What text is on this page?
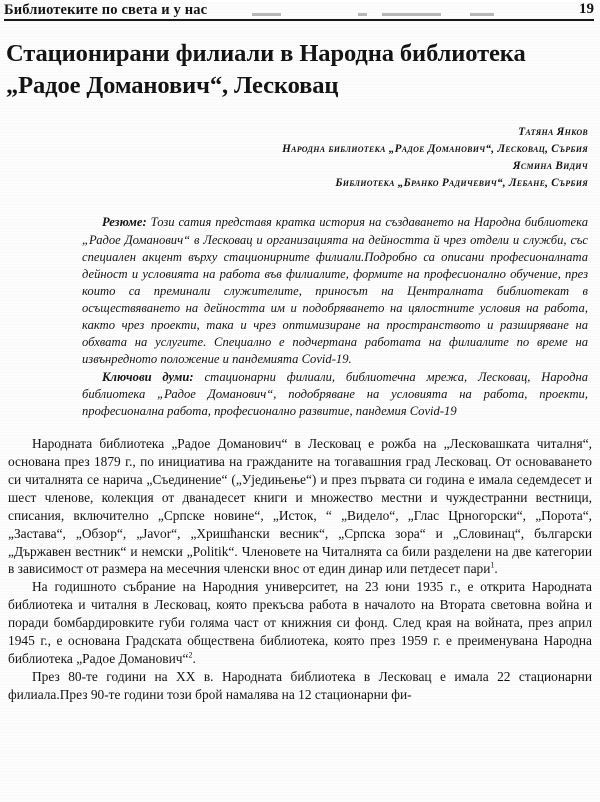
Библиотеките по света и у нас	19
Стационирани филиали в Народна библиотека
„Радое Доманович“, Лесковац
Татяна Янков
Народна библиотека „Радое Доманович“, Лесковац, Сърбия
Ясмина Видич
Библиотека „Бранко Радичевич“, Лебане, Сърбия

Резюме: Този сатия представя кратка история на създаването на Народна библиотека „Радое Доманович“ в Лесковац и организацията на дейността й чрез отдели и служби, със специален акцент върху стационирните филиали.Подробно са описани професионалната дейност и условията на работа във филиалите, формите на професионално обучение, през които са преминали служителите, приносът на Централната библиотекат в осъществяването на дейността им и подобряването на цялостните условия на работа, както чрез проекти, така и чрез оптимизиране на пространството и разширяване на обхвата на услугите. Специално е подчертана работата на филиалите по време на извънредното положение и пандемията Covid-19.

Ключови думи: стационарни филиали, библиотечна мрежа, Лесковац, Народна библиотека „Радое Доманович“, подобряване на условията на работа, проекти, професионална работа, професионално развитие, пандемия Covid-19

Народната библиотека „Радое Доманович“ в Лесковац е рожба на „Лесковашката читалня“, основана през 1879 г., по инициатива на гражданите на тогавашния град Лесковац. От основаването си читалнята се нарича „Съединение“ („Уједињење“) и през първата си година е имала седемдесет и шест членове, колекция от дванадесет книги и множество местни и чуждестранни вестници, списания, включително „Српске новине“, „Исток, “ „Видело“, „Глас Црногорски“, „Порота“, „Застава“, „Обзор“, „Javor“, „Хришћански весник“, „Српска зора“ и „Словинац“, български „Държавен вестник“ и немски „Politik“. Членовете на Читалнята са били разделени на две категории в зависимост от размера на месечния членски внос от един динар или петдесет пари$^1$.

На годишното събрание на Народния университет, на 23 юни 1935 г., е открита Народната библиотека и читалня в Лесковац, която прекъсва работа в началото на Втората световна война и поради бомбардировките губи голяма част от книжния си фонд. След края на войната, през април 1945 г., е основана Градската обществена библиотека, която през 1959 г. е преименувана Народна библиотека „Радое Доманович“$^2$.

През 80-те години на ХХ в. Народната библиотека в Лесковац е имала 22 стационарни филиала.През 90-те години този брой намалява на 12 стационарни фи-
